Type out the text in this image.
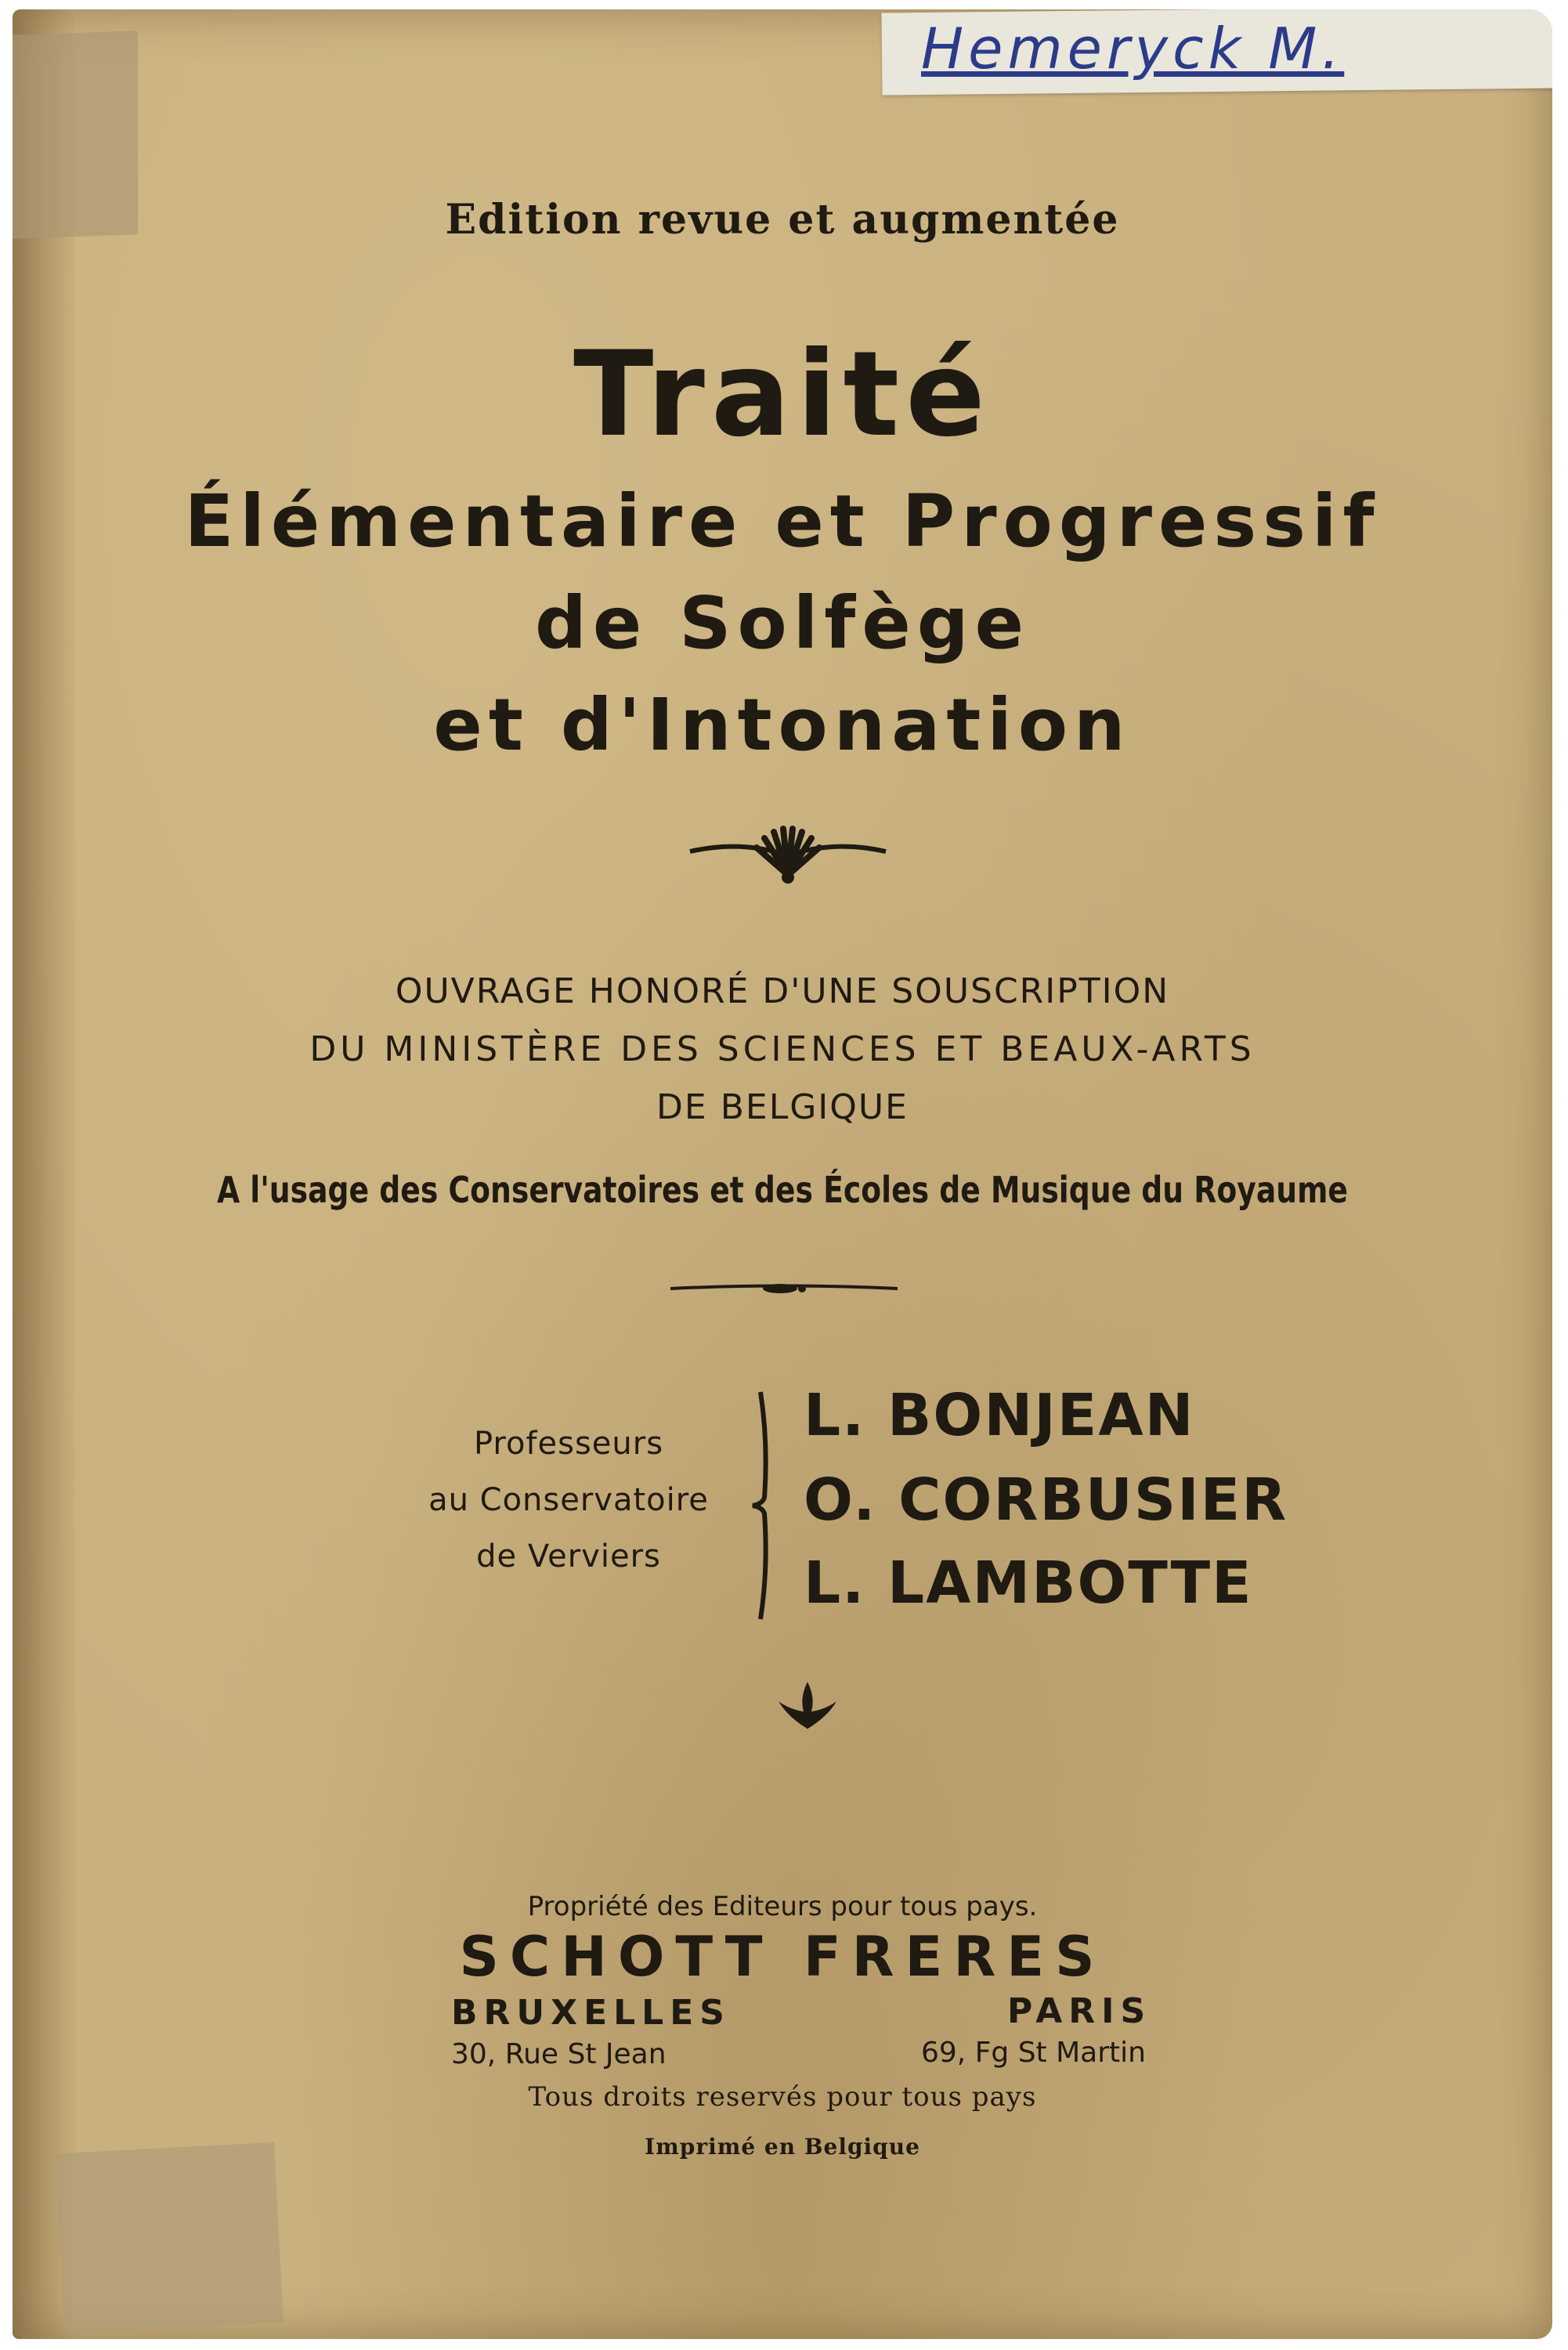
Hemeryck M.
Edition revue et augmentée
Traité
Élémentaire et Progressif
de Solfège
et d'Intonation
OUVRAGE HONORÉ D'UNE SOUSCRIPTION
DU MINISTÈRE DES SCIENCES ET BEAUX-ARTS
DE BELGIQUE
A l'usage des Conservatoires et des Écoles de Musique du Royaume
Professeurs
au Conservatoire
de Verviers
L. BONJEAN
O. CORBUSIER
L. LAMBOTTE
Propriété des Editeurs pour tous pays.
SCHOTT FRERES
BRUXELLES	PARIS
30, Rue St Jean	69, Fg St Martin
Tous droits reservés pour tous pays
Imprimé en Belgique
